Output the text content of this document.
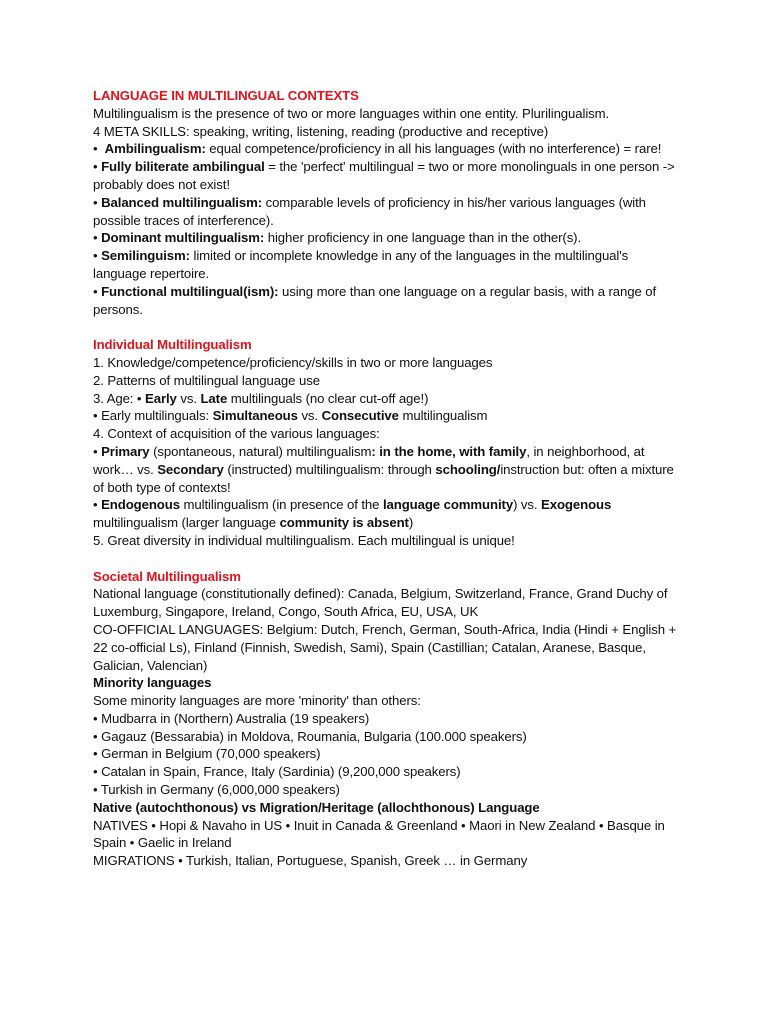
LANGUAGE IN MULTILINGUAL CONTEXTS
Multilingualism is the presence of two or more languages within one entity. Plurilingualism.
4 META SKILLS: speaking, writing, listening, reading (productive and receptive)
•  Ambilingualism: equal competence/proficiency in all his languages (with no interference) = rare!
• Fully biliterate ambilingual = the 'perfect' multilingual = two or more monolinguals in one person -> probably does not exist!
• Balanced multilingualism: comparable levels of proficiency in his/her various languages (with possible traces of interference).
• Dominant multilingualism: higher proficiency in one language than in the other(s).
• Semilinguism: limited or incomplete knowledge in any of the languages in the multilingual's language repertoire.
• Functional multilingual(ism): using more than one language on a regular basis, with a range of persons.
Individual Multilingualism
1. Knowledge/competence/proficiency/skills in two or more languages
2. Patterns of multilingual language use
3. Age: • Early vs. Late multilinguals (no clear cut-off age!)
• Early multilinguals: Simultaneous vs. Consecutive multilingualism
4. Context of acquisition of the various languages:
• Primary (spontaneous, natural) multilingualism: in the home, with family, in neighborhood, at work… vs. Secondary (instructed) multilingualism: through schooling/instruction but: often a mixture of both type of contexts!
• Endogenous multilingualism (in presence of the language community) vs. Exogenous multilingualism (larger language community is absent)
5. Great diversity in individual multilingualism. Each multilingual is unique!
Societal Multilingualism
National language (constitutionally defined): Canada, Belgium, Switzerland, France, Grand Duchy of Luxemburg, Singapore, Ireland, Congo, South Africa, EU, USA, UK
CO-OFFICIAL LANGUAGES: Belgium: Dutch, French, German, South-Africa, India (Hindi + English + 22 co-official Ls), Finland (Finnish, Swedish, Sami), Spain (Castillian; Catalan, Aranese, Basque, Galician, Valencian)
Minority languages
Some minority languages are more 'minority' than others:
• Mudbarra in (Northern) Australia (19 speakers)
• Gagauz (Bessarabia) in Moldova, Roumania, Bulgaria (100.000 speakers)
• German in Belgium (70,000 speakers)
• Catalan in Spain, France, Italy (Sardinia) (9,200,000 speakers)
• Turkish in Germany (6,000,000 speakers)
Native (autochthonous) vs Migration/Heritage (allochthonous) Language
NATIVES • Hopi & Navaho in US • Inuit in Canada & Greenland • Maori in New Zealand • Basque in Spain • Gaelic in Ireland
MIGRATIONS • Turkish, Italian, Portuguese, Spanish, Greek … in Germany
